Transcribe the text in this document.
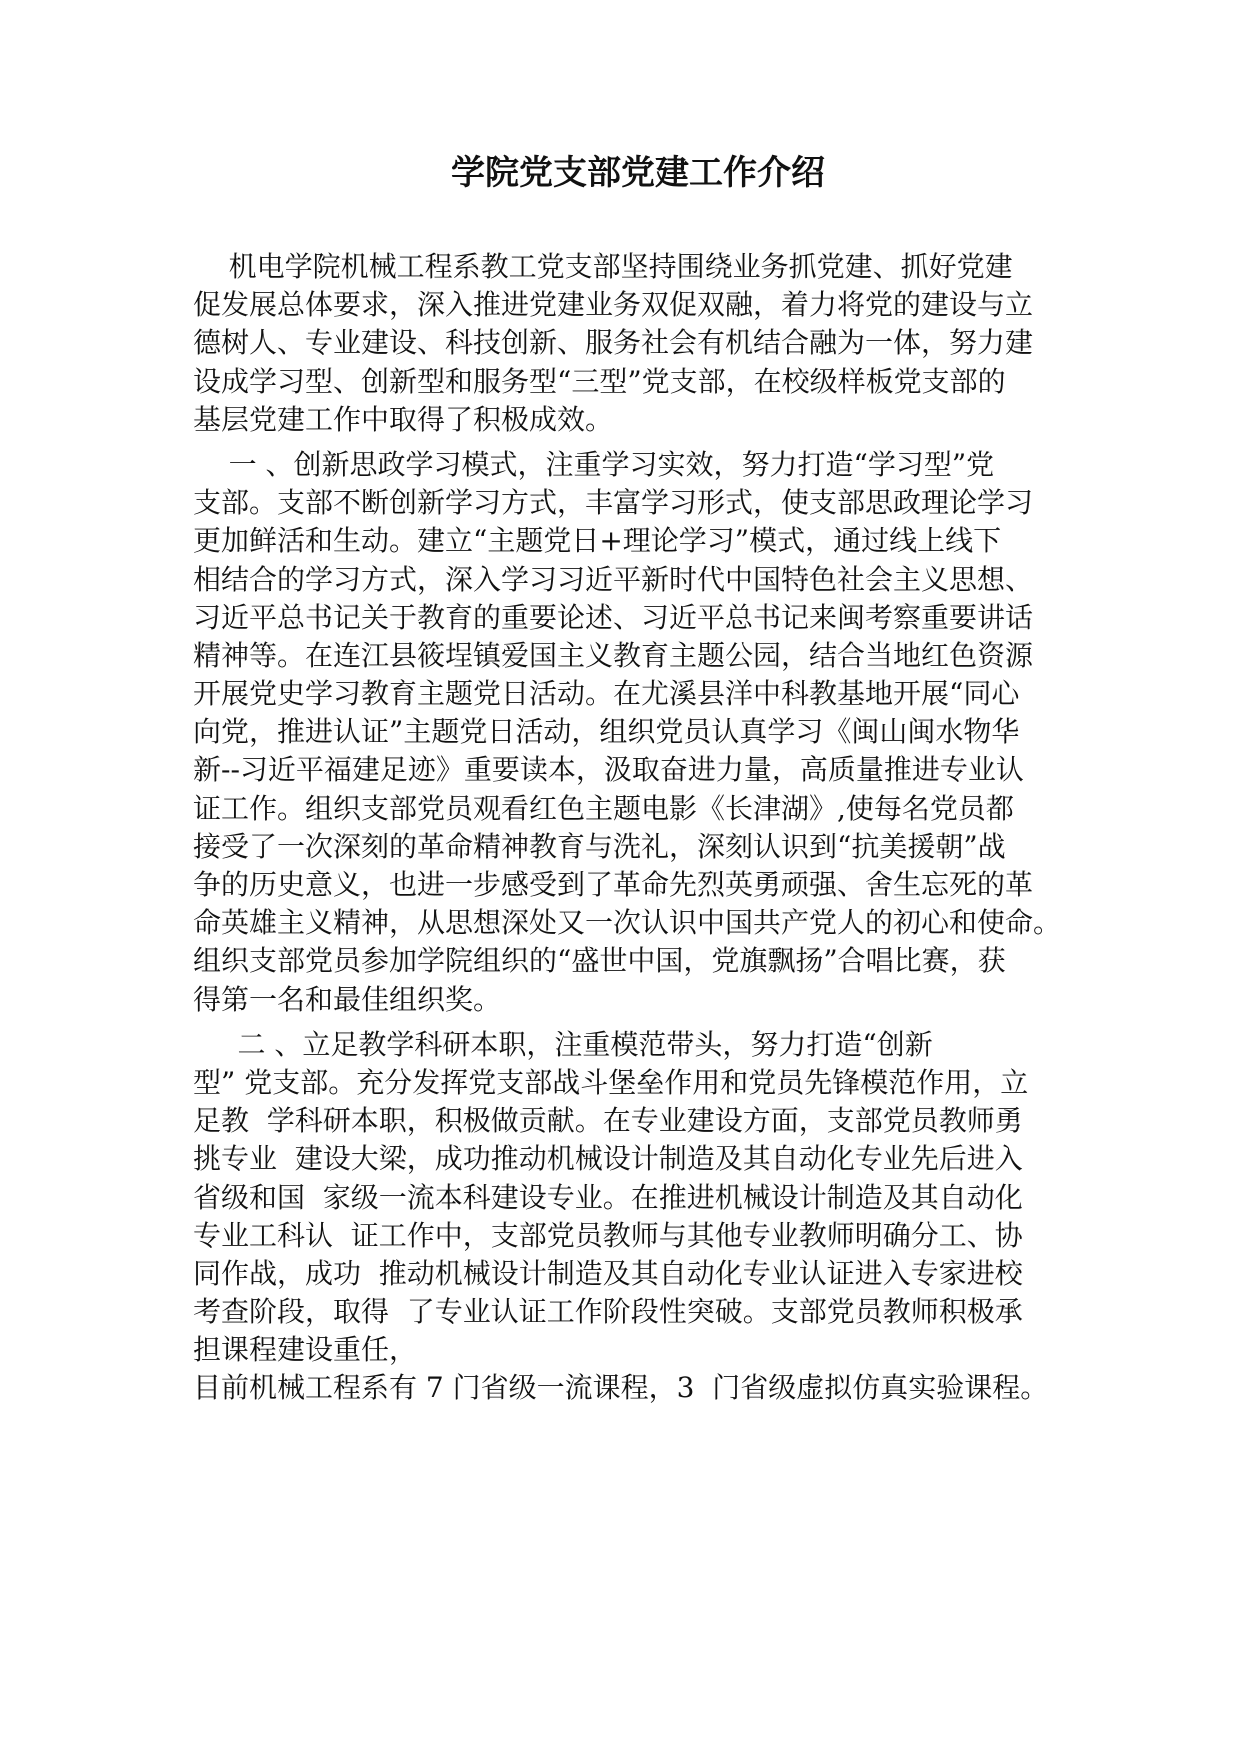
学院党支部党建工作介绍
机电学院机械工程系教工党支部坚持围绕业务抓党建、抓好党建
促发展总体要求，深入推进党建业务双促双融，着力将党的建设与立
德树人、专业建设、科技创新、服务社会有机结合融为一体，努力建
设成学习型、创新型和服务型“三型”党支部，在校级样板党支部的
基层党建工作中取得了积极成效。
一 、创新思政学习模式，注重学习实效，努力打造“学习型”党
支部。支部不断创新学习方式，丰富学习形式，使支部思政理论学习
更加鲜活和生动。建立“主题党日+理论学习”模式，通过线上线下
相结合的学习方式，深入学习习近平新时代中国特色社会主义思想、
习近平总书记关于教育的重要论述、习近平总书记来闽考察重要讲话
精神等。在连江县筱埕镇爱国主义教育主题公园，结合当地红色资源
开展党史学习教育主题党日活动。在尤溪县洋中科教基地开展“同心
向党，推进认证”主题党日活动，组织党员认真学习《闽山闽水物华
新--习近平福建足迹》重要读本，汲取奋进力量，高质量推进专业认
证工作。组织支部党员观看红色主题电影《长津湖》,使每名党员都
接受了一次深刻的革命精神教育与洗礼，深刻认识到“抗美援朝”战
争的历史意义，也进一步感受到了革命先烈英勇顽强、舍生忘死的革
命英雄主义精神，从思想深处又一次认识中国共产党人的初心和使命。
组织支部党员参加学院组织的“盛世中国，党旗飘扬”合唱比赛，获
得第一名和最佳组织奖。
二 、立足教学科研本职，注重模范带头，努力打造“创新
型” 党支部。充分发挥党支部战斗堡垒作用和党员先锋模范作用，立
足教  学科研本职，积极做贡献。在专业建设方面，支部党员教师勇
挑专业  建设大梁，成功推动机械设计制造及其自动化专业先后进入
省级和国  家级一流本科建设专业。在推进机械设计制造及其自动化
专业工科认  证工作中，支部党员教师与其他专业教师明确分工、协
同作战，成功  推动机械设计制造及其自动化专业认证进入专家进校
考查阶段，取得  了专业认证工作阶段性突破。支部党员教师积极承
担课程建设重任，
目前机械工程系有 7 门省级一流课程，3  门省级虚拟仿真实验课程。
